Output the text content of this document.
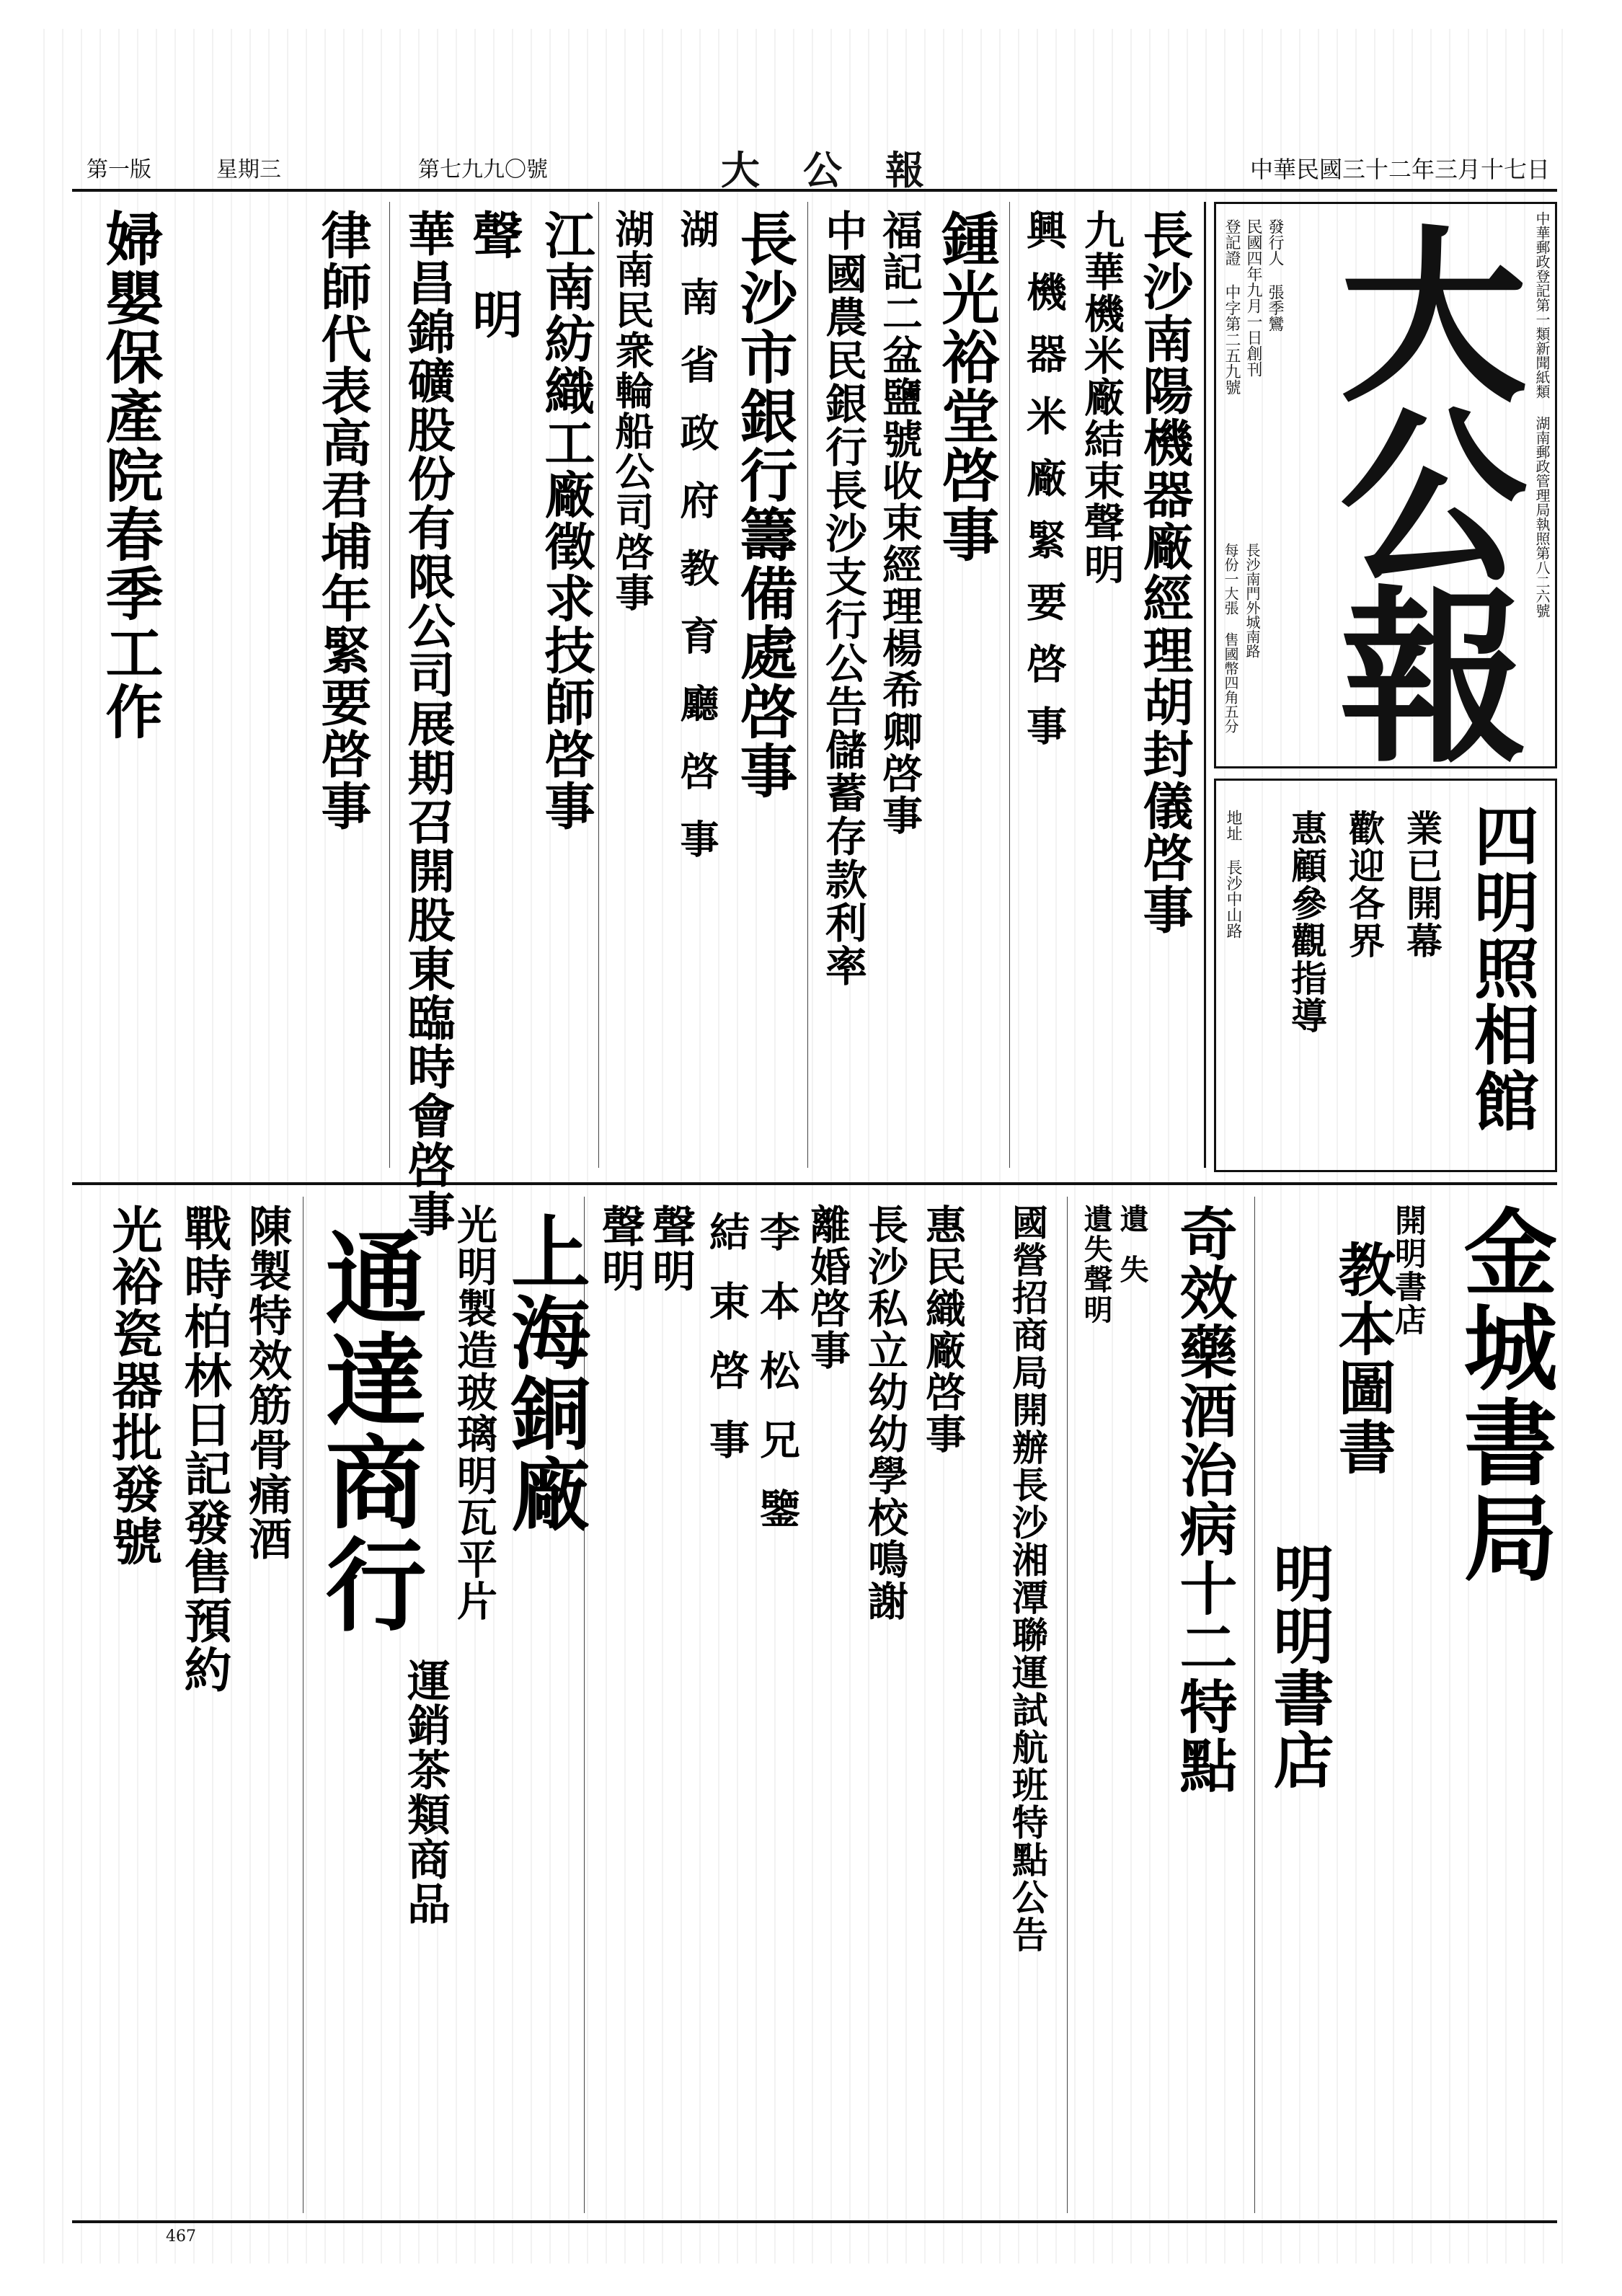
中華民國三十二年三月十七日
大公報
第七九九〇號
星期三
第一版
中華郵政登記第一類新聞紙類 湖南郵政管理局執照第八二六號
大公報
發行人 張季鸞
民國四年九月一日創刊
登記證 中字第二五九號
長沙南門外城南路
每份一大張 售國幣四角五分
四明照相館
業已開幕
歡迎各界
惠顧參觀指導
地址 長沙中山路
長沙南陽機器廠經理胡封儀啓事
九華機米廠結束聲明
興機器米廠緊要啓事
鍾光裕堂啓事
福記二盆鹽號收束經理楊希卿啓事
中國農民銀行長沙支行公告儲蓄存款利率
長沙市銀行籌備處啓事
湖南省政府教育廳啓事
湖南民衆輪船公司啓事
江南紡織工廠徵求技師啓事
聲明
華昌錦礦股份有限公司展期召開股東臨時會啓事
律師代表高君埔年緊要啓事
婦嬰保產院春季工作
金城書局
開明書店
教本圖書
明明書店
奇效藥酒治病十二特點
遺失
遺失聲明
國營招商局開辦長沙湘潭聯運試航班特點公告
惠民織廠啓事
長沙私立幼幼學校鳴謝
離婚啓事
李本松兄鑒
結束啓事
聲明
聲明
上海銅廠
光明製造玻璃明瓦平片
通達商行
運銷茶類商品
陳製特效筋骨痛酒
戰時柏林日記發售預約
光裕瓷器批發號
467
